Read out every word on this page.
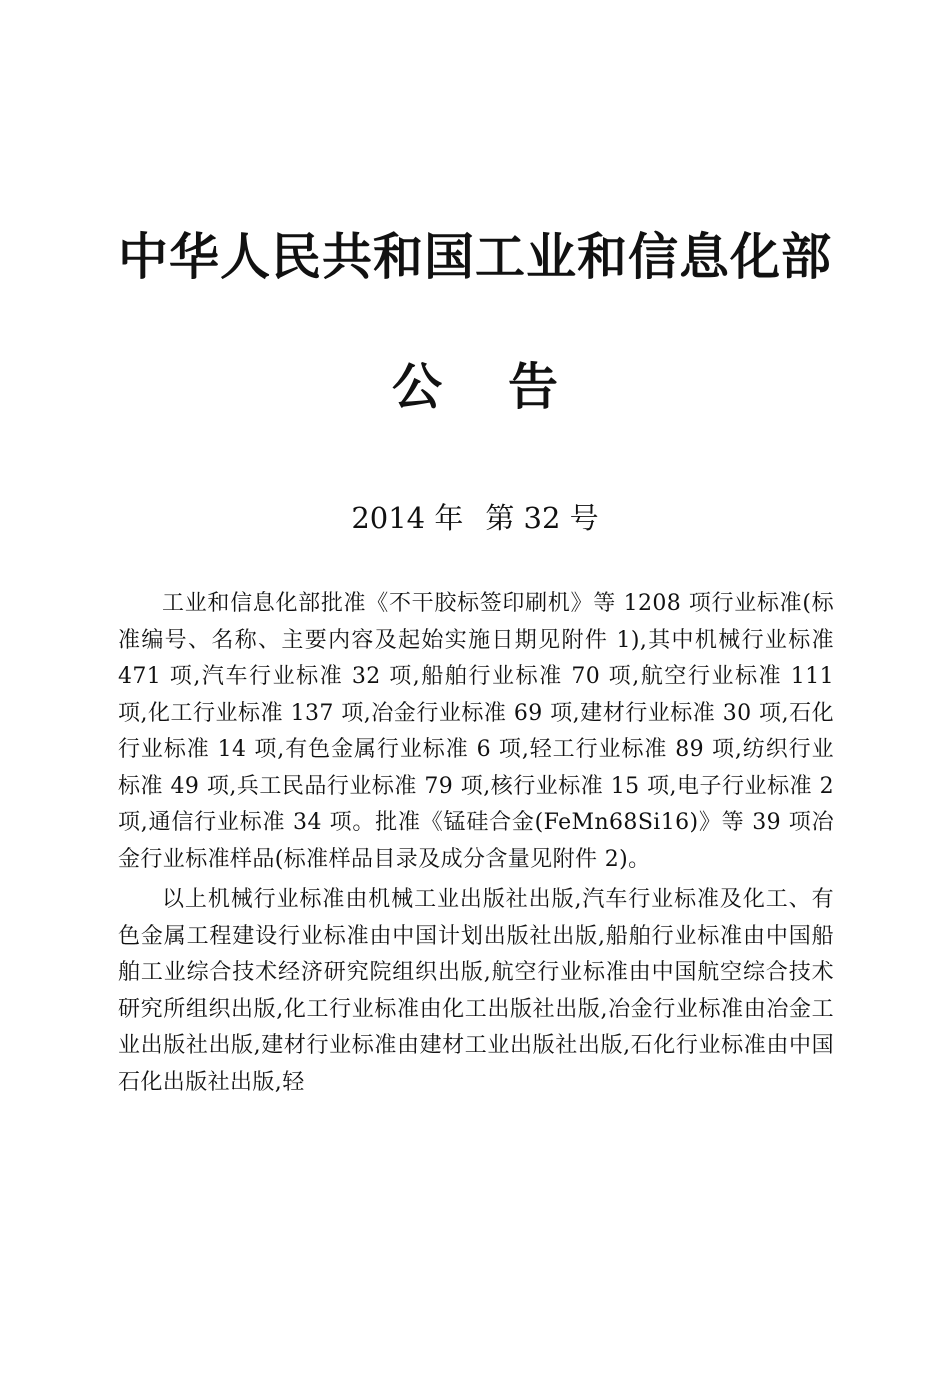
中华人民共和国工业和信息化部
公 告
2014 年 第 32 号

工业和信息化部批准《不干胶标签印刷机》等 1208 项行业标准(标准编号、名称、主要内容及起始实施日期见附件 1),其中机械行业标准 471 项,汽车行业标准 32 项,船舶行业标准 70 项,航空行业标准 111 项,化工行业标准 137 项,冶金行业标准 69 项,建材行业标准 30 项,石化行业标准 14 项,有色金属行业标准 6 项,轻工行业标准 89 项,纺织行业标准 49 项,兵工民品行业标准 79 项,核行业标准 15 项,电子行业标准 2 项,通信行业标准 34 项。批准《锰硅合金(FeMn68Si16)》等 39 项冶金行业标准样品(标准样品目录及成分含量见附件 2)。

以上机械行业标准由机械工业出版社出版,汽车行业标准及化工、有色金属工程建设行业标准由中国计划出版社出版,船舶行业标准由中国船舶工业综合技术经济研究院组织出版,航空行业标准由中国航空综合技术研究所组织出版,化工行业标准由化工出版社出版,冶金行业标准由冶金工业出版社出版,建材行业标准由建材工业出版社出版,石化行业标准由中国石化出版社出版,轻
